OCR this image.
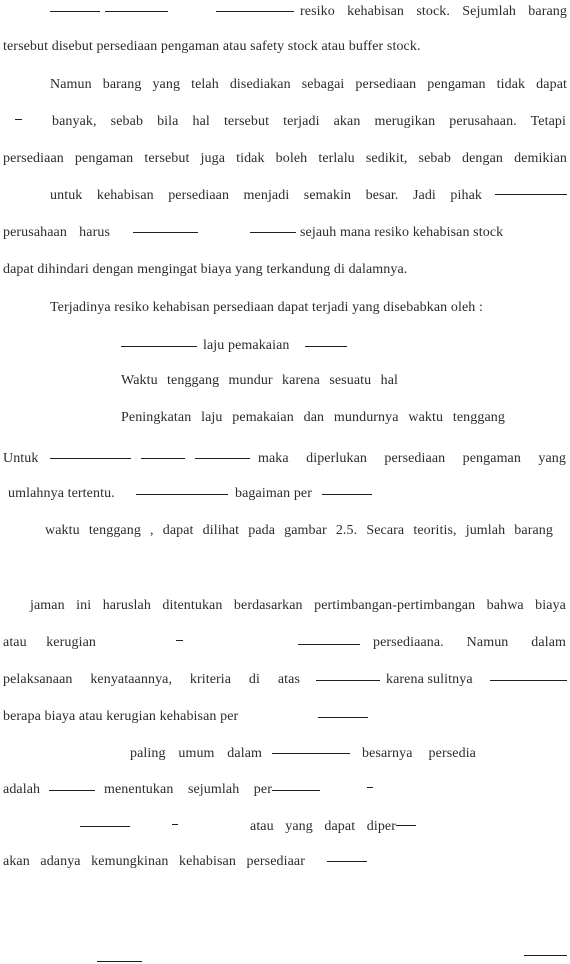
resiko kehabisan stock. Sejumlah barang
tersebut disebut persediaan pengaman atau safety stock atau buffer stock.
Namun barang yang telah disediakan sebagai persediaan pengaman tidak dapat
banyak, sebab bila hal tersebut terjadi akan merugikan perusahaan. Tetapi
persediaan pengaman tersebut juga tidak boleh terlalu sedikit, sebab dengan demikian
untuk kehabisan persediaan menjadi semakin besar. Jadi pihak
perusahaan harus	sejauh mana resiko kehabisan stock
dapat dihindari dengan mengingat biaya yang terkandung di dalamnya.
Terjadinya resiko kehabisan persediaan dapat terjadi yang disebabkan oleh :
laju pemakaian
Waktu tenggang mundur karena sesuatu hal
Peningkatan laju pemakaian dan mundurnya waktu tenggang
Untuk	maka diperlukan persediaan pengaman yang
umlahnya tertentu.	bagaiman per
waktu tenggang , dapat dilihat pada gambar 2.5. Secara teoritis, jumlah barang
jaman ini haruslah ditentukan berdasarkan pertimbangan-pertimbangan bahwa biaya
atau kerugian	persediaana. Namun dalam
pelaksanaan kenyataannya, kriteria di atas	karena sulitnya
berapa biaya atau kerugian kehabisan per
paling umum dalam	besarnya persedia
adalah	menentukan sejumlah per
atau yang dapat diper
akan adanya kemungkinan kehabisan persediaar
